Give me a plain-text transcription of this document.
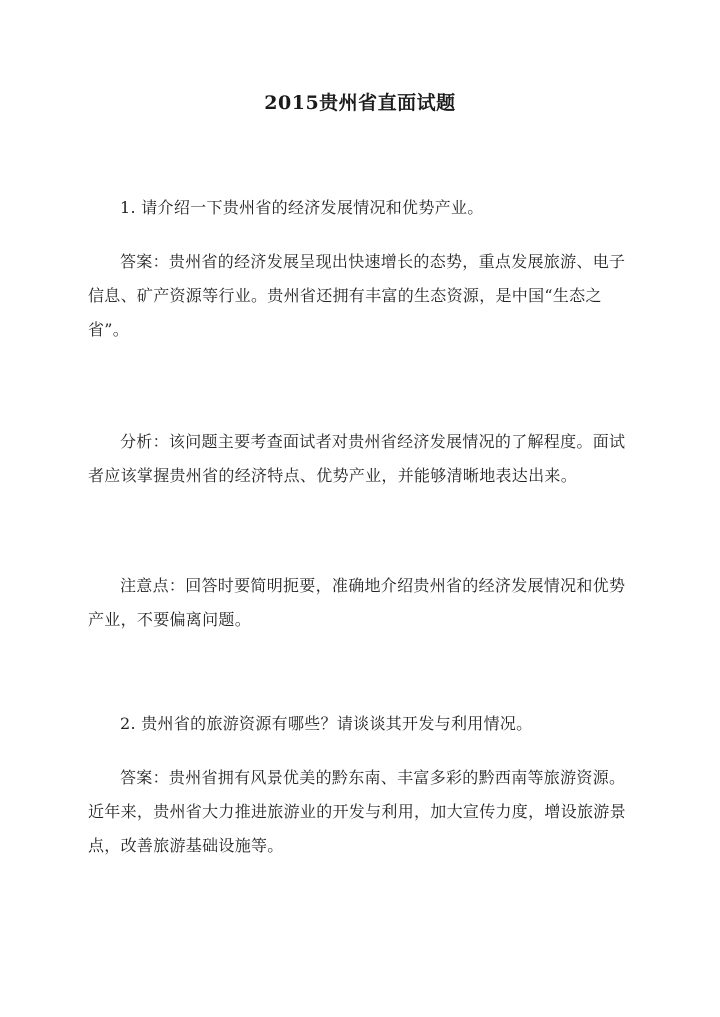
2015贵州省直面试题

1. 请介绍一下贵州省的经济发展情况和优势产业。

答案：贵州省的经济发展呈现出快速增长的态势，重点发展旅游、电子信息、矿产资源等行业。贵州省还拥有丰富的生态资源，是中国“生态之省”。

分析：该问题主要考查面试者对贵州省经济发展情况的了解程度。面试者应该掌握贵州省的经济特点、优势产业，并能够清晰地表达出来。

注意点：回答时要简明扼要，准确地介绍贵州省的经济发展情况和优势产业，不要偏离问题。

2. 贵州省的旅游资源有哪些？请谈谈其开发与利用情况。

答案：贵州省拥有风景优美的黔东南、丰富多彩的黔西南等旅游资源。近年来，贵州省大力推进旅游业的开发与利用，加大宣传力度，增设旅游景点，改善旅游基础设施等。
